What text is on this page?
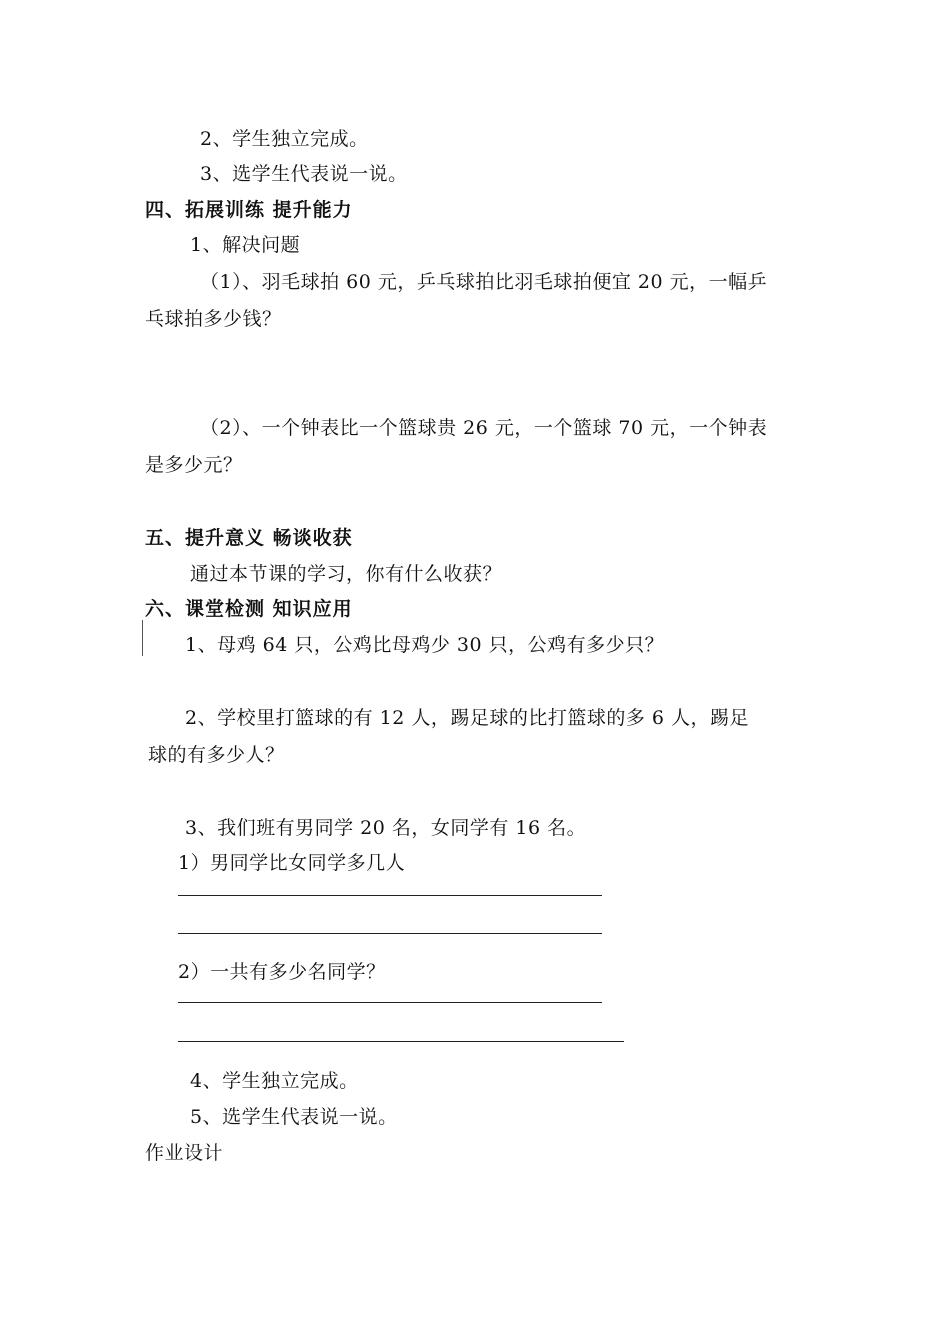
2、学生独立完成。
3、选学生代表说一说。
四、拓展训练 提升能力
1、解决问题
（1）、羽毛球拍 60 元，乒乓球拍比羽毛球拍便宜 20 元，一幅乒
乓球拍多少钱？
（2）、一个钟表比一个篮球贵 26 元，一个篮球 70 元，一个钟表
是多少元？
五、提升意义 畅谈收获
通过本节课的学习，你有什么收获？
六、课堂检测 知识应用
1、母鸡 64 只，公鸡比母鸡少 30 只，公鸡有多少只？
2、学校里打篮球的有 12 人，踢足球的比打篮球的多 6 人，踢足
球的有多少人？
3、我们班有男同学 20 名，女同学有 16 名。
1）男同学比女同学多几人
2）一共有多少名同学？
4、学生独立完成。
5、选学生代表说一说。
作业设计
